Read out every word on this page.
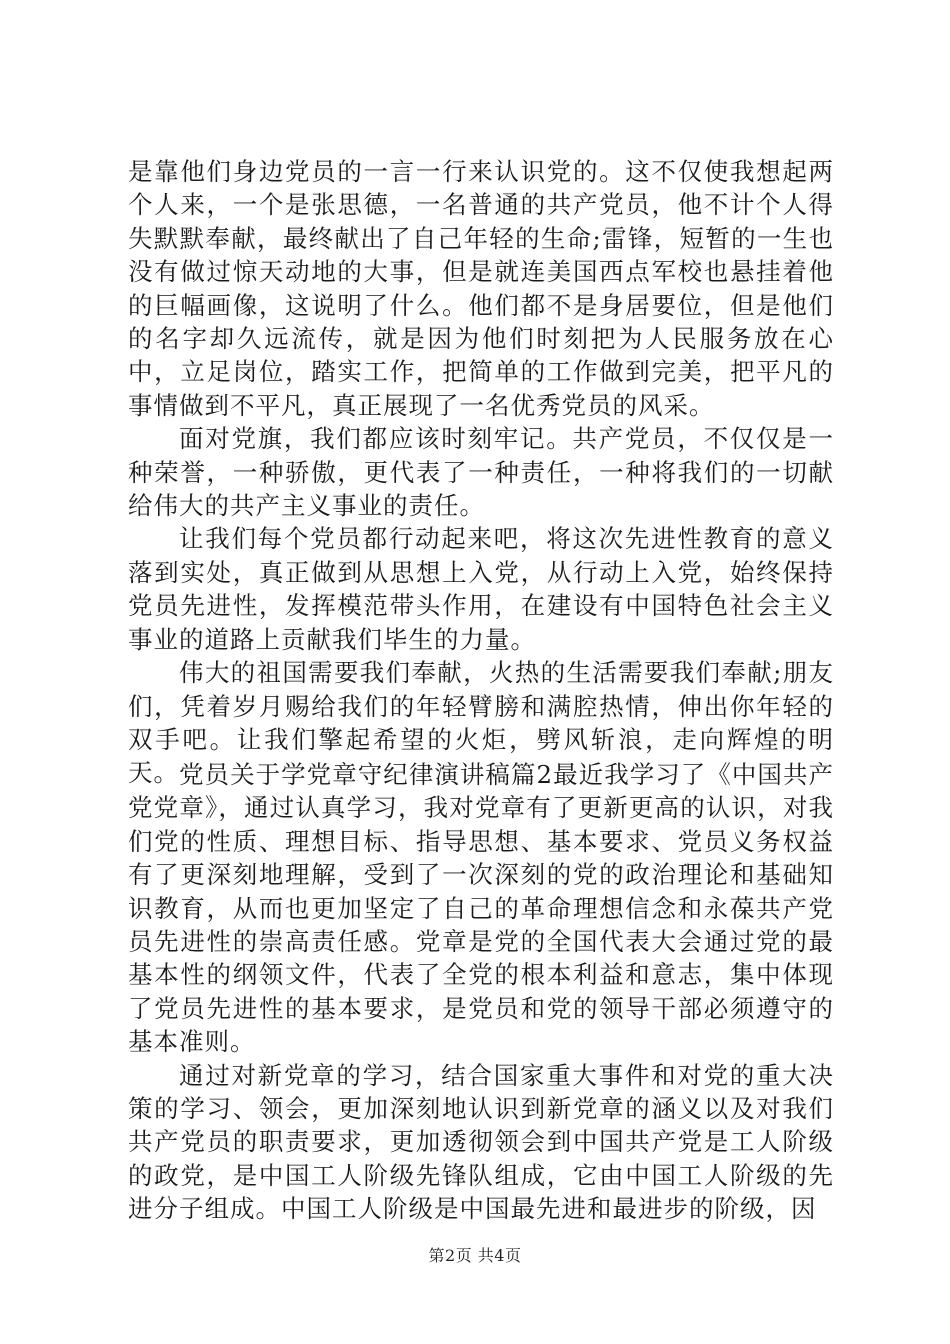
是靠他们身边党员的一言一行来认识党的。这不仅使我想起两个人来，一个是张思德，一名普通的共产党员，他不计个人得失默默奉献，最终献出了自己年轻的生命;雷锋，短暂的一生也没有做过惊天动地的大事，但是就连美国西点军校也悬挂着他的巨幅画像，这说明了什么。他们都不是身居要位，但是他们的名字却久远流传，就是因为他们时刻把为人民服务放在心中，立足岗位，踏实工作，把简单的工作做到完美，把平凡的事情做到不平凡，真正展现了一名优秀党员的风采。

面对党旗，我们都应该时刻牢记。共产党员，不仅仅是一种荣誉，一种骄傲，更代表了一种责任，一种将我们的一切献给伟大的共产主义事业的责任。

让我们每个党员都行动起来吧，将这次先进性教育的意义落到实处，真正做到从思想上入党，从行动上入党，始终保持党员先进性，发挥模范带头作用，在建设有中国特色社会主义事业的道路上贡献我们毕生的力量。

伟大的祖国需要我们奉献，火热的生活需要我们奉献;朋友们，凭着岁月赐给我们的年轻臂膀和满腔热情，伸出你年轻的双手吧。让我们擎起希望的火炬，劈风斩浪，走向辉煌的明天。 党员关于学党章守纪律演讲稿篇2最近我学习了《中国共产党党章》，通过认真学习，我对党章有了更新更高的认识，对我们党的性质、理想目标、指导思想、基本要求、党员义务权益有了更深刻地理解，受到了一次深刻的党的政治理论和基础知识教育，从而也更加坚定了自己的革命理想信念和永葆共产党员先进性的崇高责任感。党章是党的全国代表大会通过党的最基本性的纲领文件，代表了全党的根本利益和意志，集中体现了党员先进性的基本要求，是党员和党的领导干部必须遵守的基本准则。

通过对新党章的学习，结合国家重大事件和对党的重大决策的学习、领会，更加深刻地认识到新党章的涵义以及对我们共产党员的职责要求，更加透彻领会到中国共产党是工人阶级的政党，是中国工人阶级先锋队组成，它由中国工人阶级的先进分子组成。中国工人阶级是中国最先进和最进步的阶级，因

第2页 共4页
